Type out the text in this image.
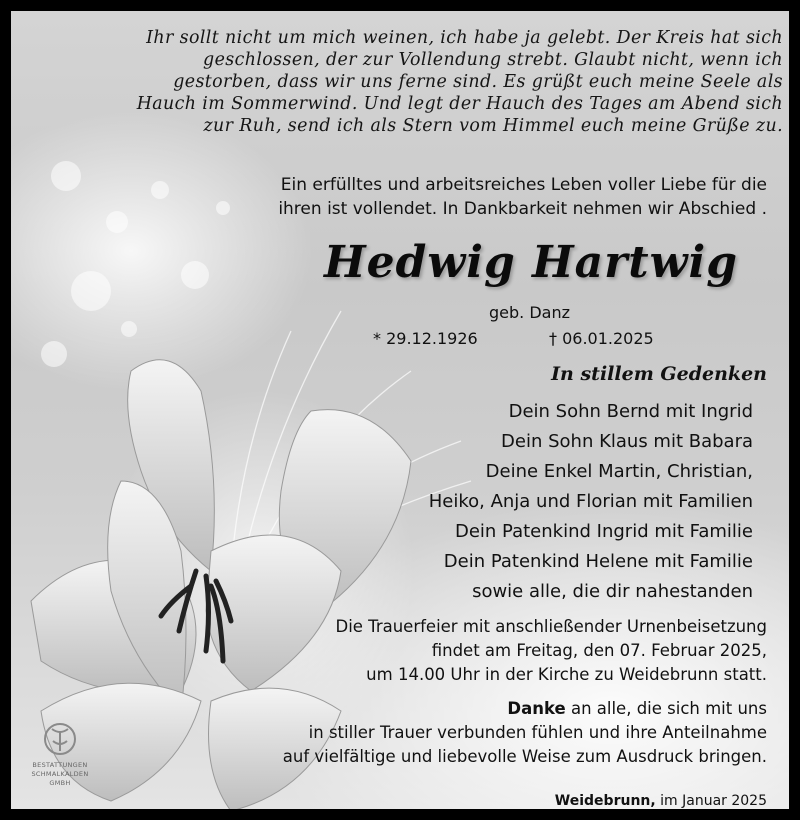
Ihr sollt nicht um mich weinen, ich habe ja gelebt. Der Kreis hat sich
geschlossen, der zur Vollendung strebt. Glaubt nicht, wenn ich
gestorben, dass wir uns ferne sind. Es grüßt euch meine Seele als
Hauch im Sommerwind. Und legt der Hauch des Tages am Abend sich
zur Ruh, send ich als Stern vom Himmel euch meine Grüße zu.
Ein erfülltes und arbeitsreiches Leben voller Liebe für die
ihren ist vollendet. In Dankbarkeit nehmen wir Abschied .
Hedwig Hartwig
geb. Danz
* 29.12.1926	† 06.01.2025
In stillem Gedenken
Dein Sohn Bernd mit Ingrid
Dein Sohn Klaus mit Babara
Deine Enkel Martin, Christian,
Heiko, Anja und Florian mit Familien
Dein Patenkind Ingrid mit Familie
Dein Patenkind Helene mit Familie
sowie alle, die dir nahestanden
Die Trauerfeier mit anschließender Urnenbeisetzung
findet am Freitag, den 07. Februar 2025,
um 14.00 Uhr in der Kirche zu Weidebrunn statt.
Danke an alle, die sich mit uns
in stiller Trauer verbunden fühlen und ihre Anteilnahme
auf vielfältige und liebevolle Weise zum Ausdruck bringen.
Weidebrunn, im Januar 2025
BESTATTUNGEN
SCHMALKALDEN
GMBH
